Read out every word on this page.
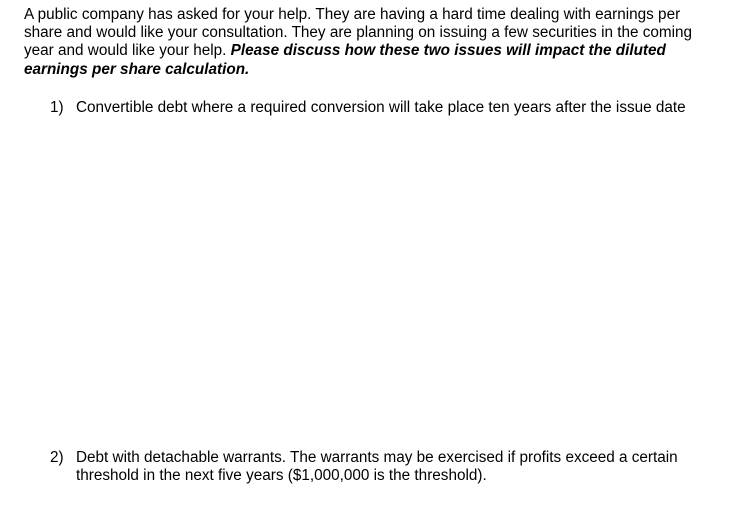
A public company has asked for your help. They are having a hard time dealing with earnings per share and would like your consultation. They are planning on issuing a few securities in the coming year and would like your help. Please discuss how these two issues will impact the diluted earnings per share calculation.

1) Convertible debt where a required conversion will take place ten years after the issue date
2) Debt with detachable warrants. The warrants may be exercised if profits exceed a certain threshold in the next five years ($1,000,000 is the threshold).
